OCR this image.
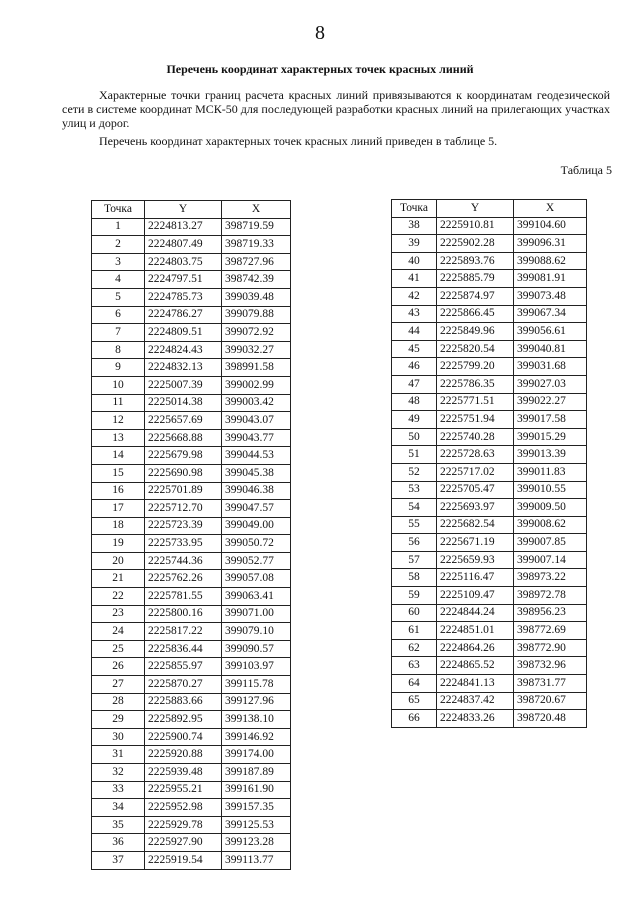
8
Перечень координат характерных точек красных линий
Характерные точки границ расчета красных линий привязываются к координатам геодезической сети в системе координат МСК-50 для последующей разработки красных линий на прилегающих участках улиц и дорог.
Перечень координат характерных точек красных линий приведен в таблице 5.
Таблица 5
Точка	Y	X
1	2224813.27	398719.59
2	2224807.49	398719.33
3	2224803.75	398727.96
4	2224797.51	398742.39
5	2224785.73	399039.48
6	2224786.27	399079.88
7	2224809.51	399072.92
8	2224824.43	399032.27
9	2224832.13	398991.58
10	2225007.39	399002.99
11	2225014.38	399003.42
12	2225657.69	399043.07
13	2225668.88	399043.77
14	2225679.98	399044.53
15	2225690.98	399045.38
16	2225701.89	399046.38
17	2225712.70	399047.57
18	2225723.39	399049.00
19	2225733.95	399050.72
20	2225744.36	399052.77
21	2225762.26	399057.08
22	2225781.55	399063.41
23	2225800.16	399071.00
24	2225817.22	399079.10
25	2225836.44	399090.57
26	2225855.97	399103.97
27	2225870.27	399115.78
28	2225883.66	399127.96
29	2225892.95	399138.10
30	2225900.74	399146.92
31	2225920.88	399174.00
32	2225939.48	399187.89
33	2225955.21	399161.90
34	2225952.98	399157.35
35	2225929.78	399125.53
36	2225927.90	399123.28
37	2225919.54	399113.77
Точка	Y	X
38	2225910.81	399104.60
39	2225902.28	399096.31
40	2225893.76	399088.62
41	2225885.79	399081.91
42	2225874.97	399073.48
43	2225866.45	399067.34
44	2225849.96	399056.61
45	2225820.54	399040.81
46	2225799.20	399031.68
47	2225786.35	399027.03
48	2225771.51	399022.27
49	2225751.94	399017.58
50	2225740.28	399015.29
51	2225728.63	399013.39
52	2225717.02	399011.83
53	2225705.47	399010.55
54	2225693.97	399009.50
55	2225682.54	399008.62
56	2225671.19	399007.85
57	2225659.93	399007.14
58	2225116.47	398973.22
59	2225109.47	398972.78
60	2224844.24	398956.23
61	2224851.01	398772.69
62	2224864.26	398772.90
63	2224865.52	398732.96
64	2224841.13	398731.77
65	2224837.42	398720.67
66	2224833.26	398720.48
